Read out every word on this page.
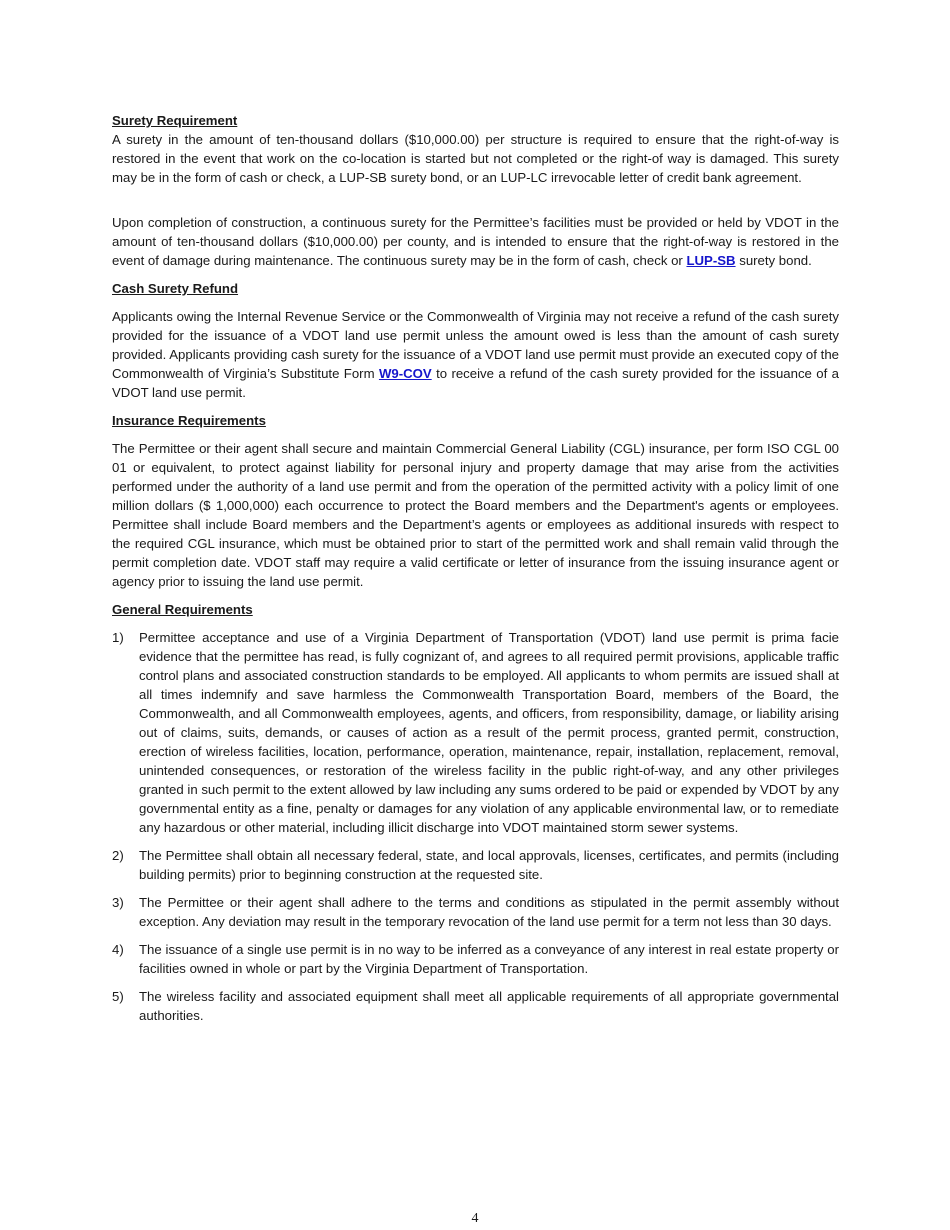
Surety Requirement

A surety in the amount of ten-thousand dollars ($10,000.00) per structure is required to ensure that the right-of-way is restored in the event that work on the co-location is started but not completed or the right-of way is damaged. This surety may be in the form of cash or check, a LUP-SB surety bond, or an LUP-LC irrevocable letter of credit bank agreement.

Upon completion of construction, a continuous surety for the Permittee’s facilities must be provided or held by VDOT in the amount of ten-thousand dollars ($10,000.00) per county, and is intended to ensure that the right-of-way is restored in the event of damage during maintenance. The continuous surety may be in the form of cash, check or LUP-SB surety bond.

Cash Surety Refund

Applicants owing the Internal Revenue Service or the Commonwealth of Virginia may not receive a refund of the cash surety provided for the issuance of a VDOT land use permit unless the amount owed is less than the amount of cash surety provided. Applicants providing cash surety for the issuance of a VDOT land use permit must provide an executed copy of the Commonwealth of Virginia’s Substitute Form W9-COV to receive a refund of the cash surety provided for the issuance of a VDOT land use permit.

Insurance Requirements

The Permittee or their agent shall secure and maintain Commercial General Liability (CGL) insurance, per form ISO CGL 00 01 or equivalent, to protect against liability for personal injury and property damage that may arise from the activities performed under the authority of a land use permit and from the operation of the permitted activity with a policy limit of one million dollars ($ 1,000,000) each occurrence to protect the Board members and the Department's agents or employees. Permittee shall include Board members and the Department’s agents or employees as additional insureds with respect to the required CGL insurance, which must be obtained prior to start of the permitted work and shall remain valid through the permit completion date. VDOT staff may require a valid certificate or letter of insurance from the issuing insurance agent or agency prior to issuing the land use permit.

General Requirements
1)	Permittee acceptance and use of a Virginia Department of Transportation (VDOT) land use permit is prima facie evidence that the permittee has read, is fully cognizant of, and agrees to all required permit provisions, applicable traffic control plans and associated construction standards to be employed. All applicants to whom permits are issued shall at all times indemnify and save harmless the Commonwealth Transportation Board, members of the Board, the Commonwealth, and all Commonwealth employees, agents, and officers, from responsibility, damage, or liability arising out of claims, suits, demands, or causes of action as a result of the permit process, granted permit, construction, erection of wireless facilities, location, performance, operation, maintenance, repair, installation, replacement, removal, unintended consequences, or restoration of the wireless facility in the public right-of-way, and any other privileges granted in such permit to the extent allowed by law including any sums ordered to be paid or expended by VDOT by any governmental entity as a fine, penalty or damages for any violation of any applicable environmental law, or to remediate any hazardous or other material, including illicit discharge into VDOT maintained storm sewer systems.
2)	The Permittee shall obtain all necessary federal, state, and local approvals, licenses, certificates, and permits (including building permits) prior to beginning construction at the requested site.
3)	The Permittee or their agent shall adhere to the terms and conditions as stipulated in the permit assembly without exception. Any deviation may result in the temporary revocation of the land use permit for a term not less than 30 days.
4)	The issuance of a single use permit is in no way to be inferred as a conveyance of any interest in real estate property or facilities owned in whole or part by the Virginia Department of Transportation.
5)	The wireless facility and associated equipment shall meet all applicable requirements of all appropriate governmental authorities.
4
